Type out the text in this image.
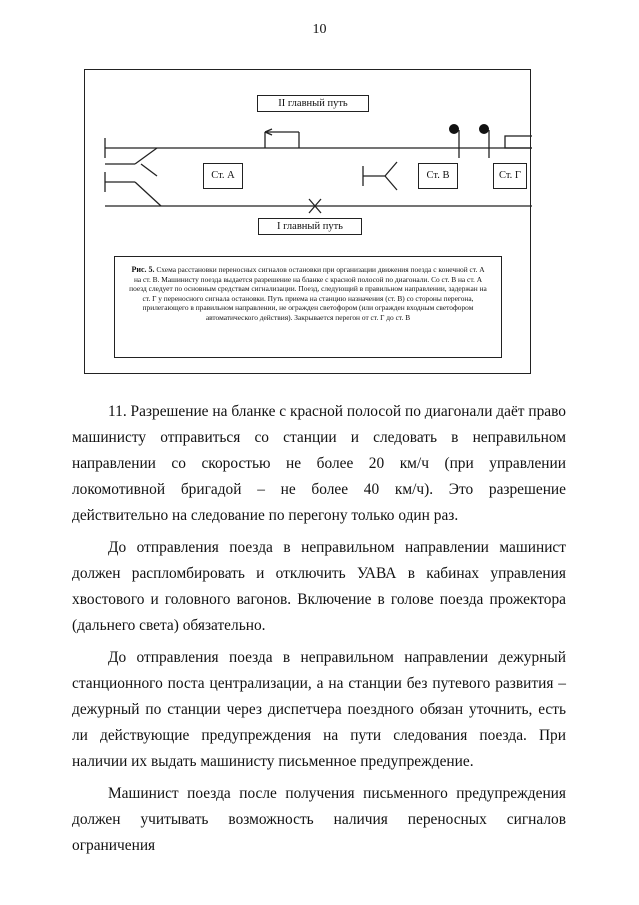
10
II главный путь
I главный путь
Ст. А	Ст. В	Ст. Г
Рис. 5. Схема расстановки переносных сигналов остановки при организации движения поезда с конечной ст. А на ст. В. Машинисту поезда выдается разрешение на бланке с красной полосой по диагонали. Со ст. В на ст. А поезд следует по основным средствам сигнализации. Поезд, следующий в правильном направлении, задержан на ст. Г у переносного сигнала остановки. Путь приема на станцию назначения (ст. В) со стороны перегона, прилегающего в правильном направлении, не огражден светофором (или огражден входным светофором автоматического действия). Закрывается перегон от ст. Г до ст. В

11. Разрешение на бланке с красной полосой по диагонали даёт право машинисту отправиться со станции и следовать в неправильном направлении со скоростью не более 20 км/ч (при управлении локомотивной бригадой – не более 40 км/ч). Это разрешение действительно на следование по перегону только один раз.

До отправления поезда в неправильном направлении машинист должен распломбировать и отключить УАВА в кабинах управления хвостового и головного вагонов. Включение в голове поезда прожектора (дальнего света) обязательно.

До отправления поезда в неправильном направлении дежурный станционного поста централизации, а на станции без путевого развития – дежурный по станции через диспетчера поездного обязан уточнить, есть ли действующие предупреждения на пути следования поезда. При наличии их выдать машинисту письменное предупреждение.

Машинист поезда после получения письменного предупреждения должен учитывать возможность наличия переносных сигналов ограничения
